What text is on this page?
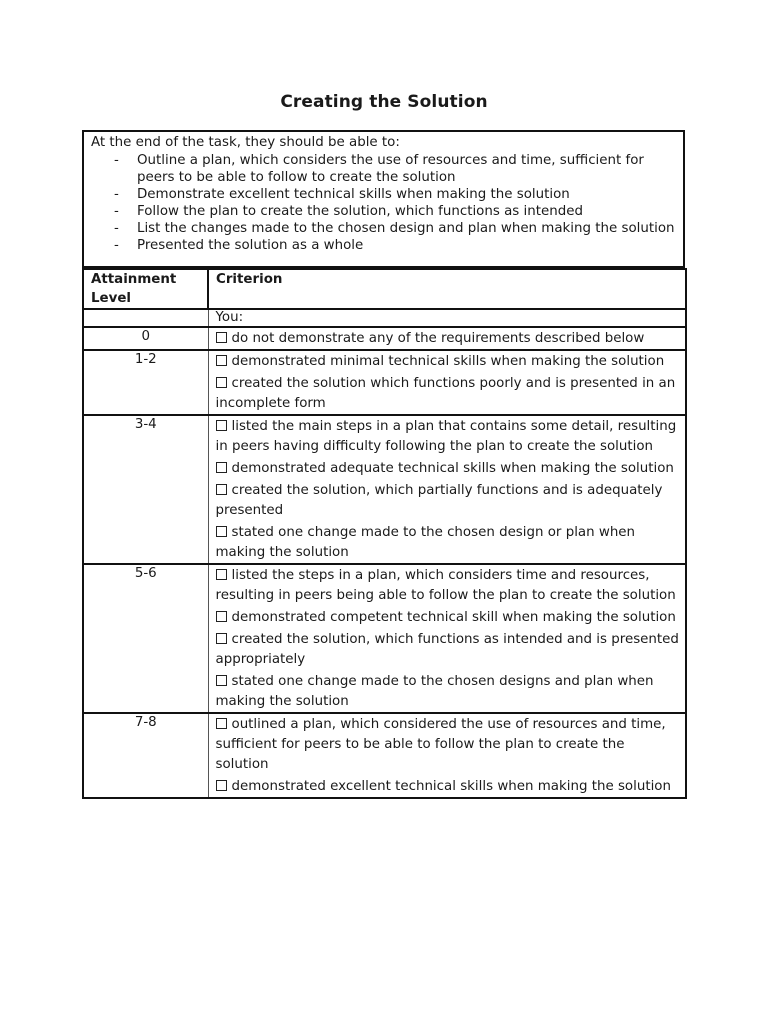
Creating the Solution
At the end of the task, they should be able to:
- Outline a plan, which considers the use of resources and time, sufficient for peers to be able to follow to create the solution
- Demonstrate excellent technical skills when making the solution
- Follow the plan to create the solution, which functions as intended
- List the changes made to the chosen design and plan when making the solution
- Presented the solution as a whole
Attainment Level	Criterion
	You:
0	do not demonstrate any of the requirements described below

1-2	demonstrated minimal technical skills when making the solution

created the solution which functions poorly and is presented in an incomplete form

3-4	listed the main steps in a plan that contains some detail, resulting in peers having difficulty following the plan to create the solution

demonstrated adequate technical skills when making the solution

created the solution, which partially functions and is adequately presented

stated one change made to the chosen design or plan when making the solution

5-6	listed the steps in a plan, which considers time and resources, resulting in peers being able to follow the plan to create the solution

demonstrated competent technical skill when making the solution

created the solution, which functions as intended and is presented appropriately

stated one change made to the chosen designs and plan when making the solution

7-8	outlined a plan, which considered the use of resources and time, sufficient for peers to be able to follow the plan to create the solution

demonstrated excellent technical skills when making the solution
